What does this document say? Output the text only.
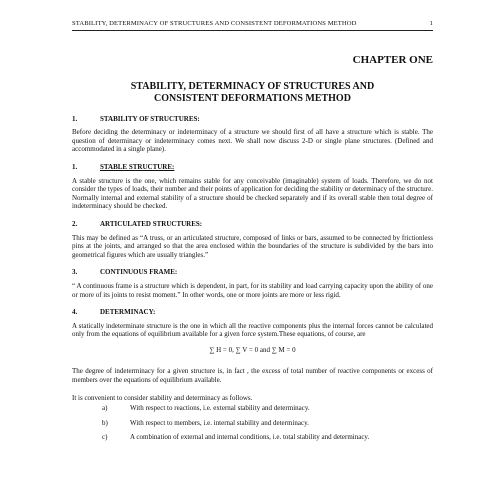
STABILITY, DETERMINACY OF STRUCTURES AND CONSISTENT DEFORMATIONS METHOD	1
CHAPTER ONE
STABILITY, DETERMINACY OF STRUCTURES AND
CONSISTENT DEFORMATIONS METHOD
1.	STABILITY OF STRUCTURES:

Before deciding the determinacy or indeterminacy of a structure we should first of all have a structure which is stable. The question of determinacy or indeterminacy comes next. We shall now discuss 2-D or single plane structures. (Defined and accommodated in a single plane).

1.	STABLE STRUCTURE:

A stable structure is the one, which remains stable for any conceivable (imaginable) system of loads. Therefore, we do not consider the types of loads, their number and their points of application for deciding the stability or determinacy of the structure. Normally internal and external stability of a structure should be checked separately and if its overall stable then total degree of indeterminacy should be checked.

2.	ARTICULATED STRUCTURES:

This may be defined as “A truss, or an articulated structure, composed of links or bars, assumed to be connected by frictionless pins at the joints, and arranged so that the area enclosed within the boundaries of the structure is subdivided by the bars into geometrical figures which are usually triangles.”

3.	CONTINUOUS FRAME:

“ A continuous frame is a structure which is dependent, in part, for its stability and load carrying capacity upon the ability of one or more of its joints to resist moment.” In other words, one or more joints are more or less rigid.

4.	DETERMINACY:

A statically indeterminate structure is the one in which all the reactive components plus the internal forces cannot be calculated only from the equations of equilibrium available for a given force system.These equations, of course, are

∑ H = 0, ∑ V = 0 and ∑ M = 0

The degree of indeterminacy for a given structure is, in fact , the excess of total number of reactive components or excess of members over the equations of equilibrium available.

It is convenient to consider stability and determinacy as follows.

a)	With respect to reactions, i.e. external stability and determinacy.
b)	With respect to members, i.e. internal stability and determinacy.
c)	A combination of external and internal conditions, i.e. total stability and determinacy.
